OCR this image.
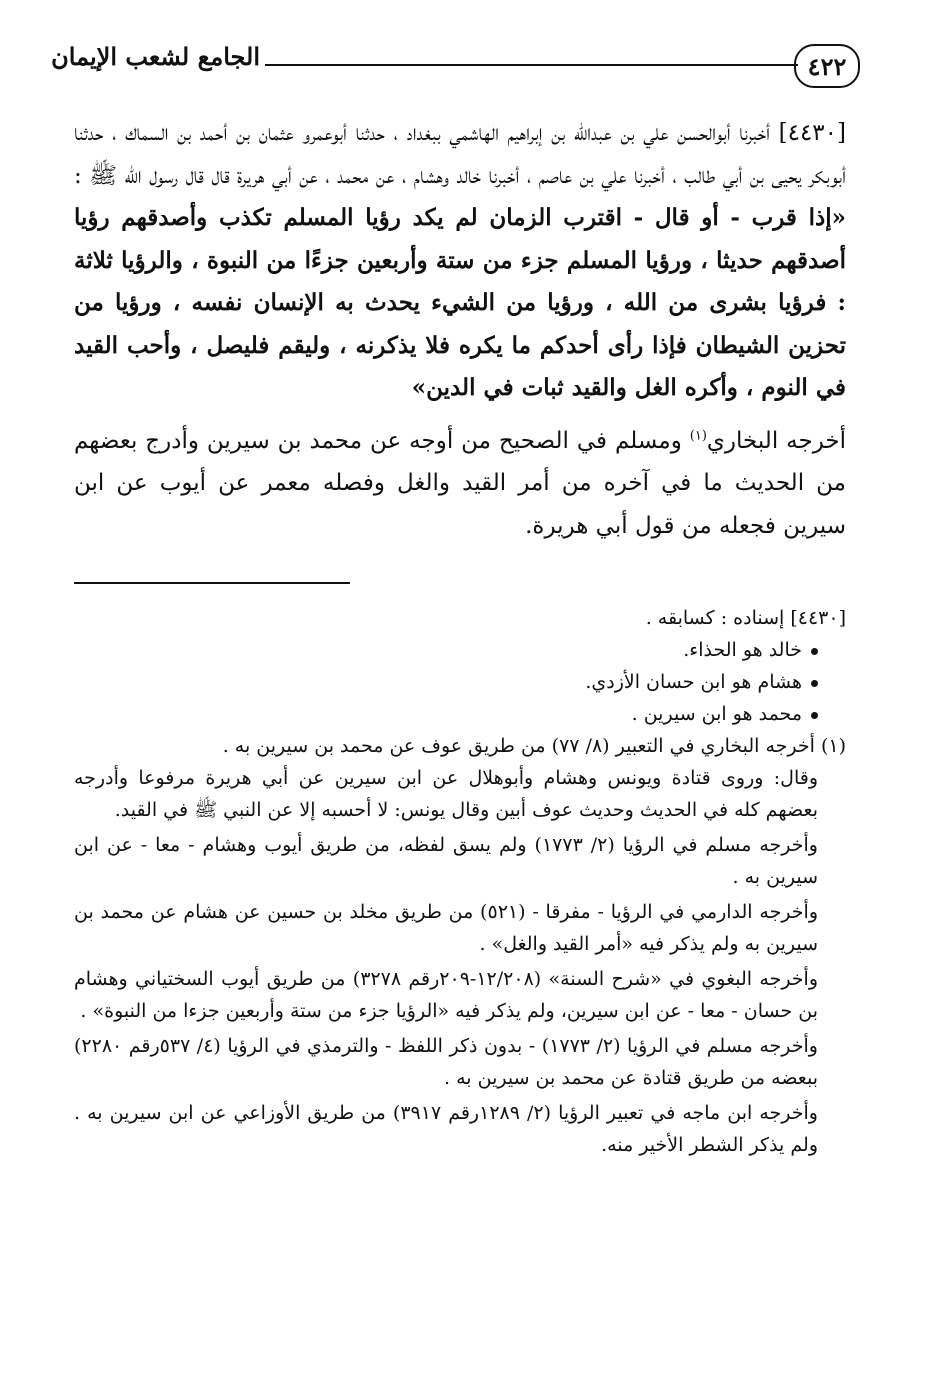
٤٢٢
الجامع لشعب الإيمان

[٤٤٣٠] أخبرنا أبوالحسن علي بن عبدالله بن إبراهيم الهاشمي ببغداد ، حدثنا أبوعمرو عثمان بن أحمد بن السماك ، حدثنا أبوبكر يحيى بن أبي طالب ، أخبرنا علي بن عاصم ، أخبرنا خالد وهشام ، عن محمد ، عن أبي هريرة قال قال رسول الله ﷺ : «إذا قرب - أو قال - اقترب الزمان لم يكد رؤيا المسلم تكذب وأصدقهم رؤيا أصدقهم حديثا ، ورؤيا المسلم جزء من ستة وأربعين جزءًا من النبوة ، والرؤيا ثلاثة : فرؤيا بشرى من الله ، ورؤيا من الشيء يحدث به الإنسان نفسه ، ورؤيا من تحزين الشيطان فإذا رأى أحدكم ما يكره فلا يذكرنه ، وليقم فليصل ، وأحب القيد في النوم ، وأكره الغل والقيد ثبات في الدين»

أخرجه البخاري$^{(١)}$ ومسلم في الصحيح من أوجه عن محمد بن سيرين وأدرج بعضهم من الحديث ما في آخره من أمر القيد والغل وفصله معمر عن أيوب عن ابن سيرين فجعله من قول أبي هريرة.

[٤٤٣٠] إسناده : كسابقه .

خالد هو الحذاء.
هشام هو ابن حسان الأزدي.
محمد هو ابن سيرين .

(١) أخرجه البخاري في التعبير (٨/ ٧٧) من طريق عوف عن محمد بن سيرين به .

وقال: وروى قتادة ويونس وهشام وأبوهلال عن ابن سيرين عن أبي هريرة مرفوعا وأدرجه بعضهم كله في الحديث وحديث عوف أبين وقال يونس: لا أحسبه إلا عن النبي ﷺ في القيد.

وأخرجه مسلم في الرؤيا (٢/ ١٧٧٣) ولم يسق لفظه، من طريق أيوب وهشام - معا - عن ابن سيرين به .

وأخرجه الدارمي في الرؤيا - مفرقا - (٥٢١) من طريق مخلد بن حسين عن هشام عن محمد بن سيرين به ولم يذكر فيه «أمر القيد والغل» .

وأخرجه البغوي في «شرح السنة» (١٢/٢٠٨-٢٠٩رقم ٣٢٧٨) من طريق أيوب السختياني وهشام بن حسان - معا - عن ابن سيرين، ولم يذكر فيه «الرؤيا جزء من ستة وأربعين جزءا من النبوة» .

وأخرجه مسلم في الرؤيا (٢/ ١٧٧٣) - بدون ذكر اللفظ - والترمذي في الرؤيا (٤/ ٥٣٧رقم ٢٢٨٠) ببعضه من طريق قتادة عن محمد بن سيرين به .

وأخرجه ابن ماجه في تعبير الرؤيا (٢/ ١٢٨٩رقم ٣٩١٧) من طريق الأوزاعي عن ابن سيرين به . ولم يذكر الشطر الأخير منه.
